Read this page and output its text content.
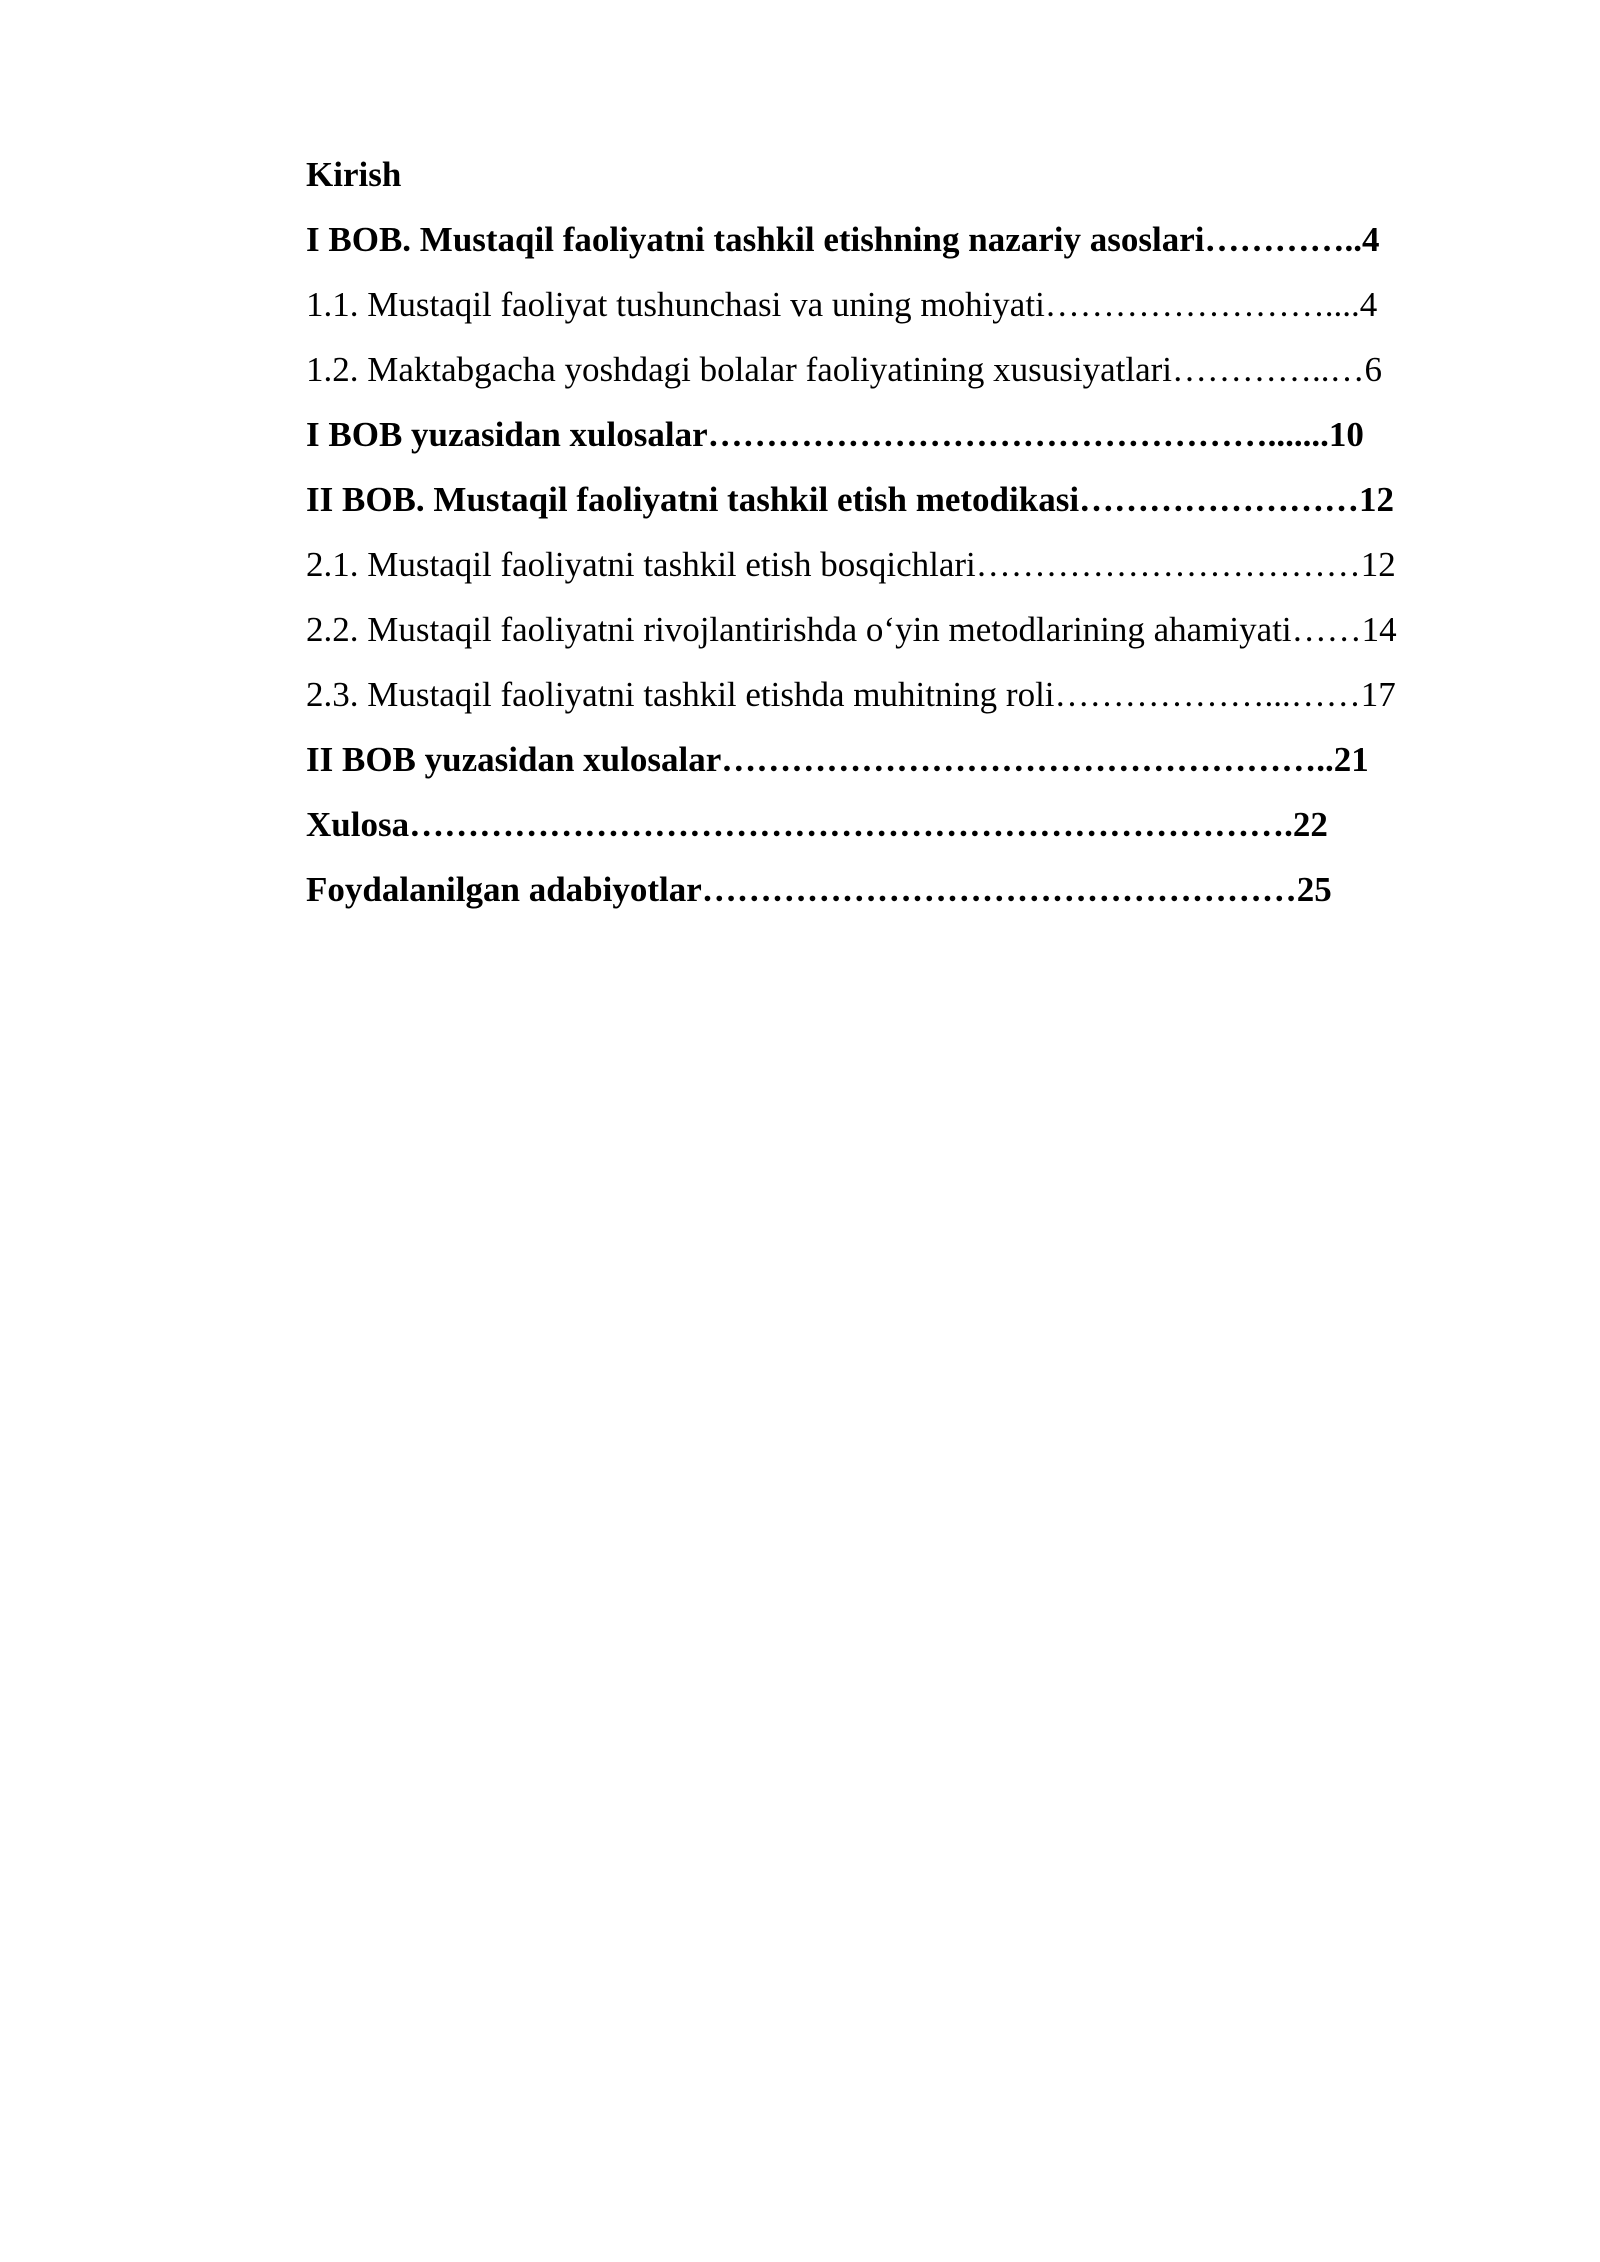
Kirish
I BOB. Mustaqil faoliyatni tashkil etishning nazariy asoslari…………..4
1.1. Mustaqil faoliyat tushunchasi va uning mohiyati……………………....4
1.2. Maktabgacha yoshdagi bolalar faoliyatining xususiyatlari…………..…6
I BOB yuzasidan xulosalar………………………………………….......10
II BOB. Mustaqil faoliyatni tashkil etish metodikasi……………………12
2.1. Mustaqil faoliyatni tashkil etish bosqichlari……………………………12
2.2. Mustaqil faoliyatni rivojlantirishda o‘yin metodlarining ahamiyati……14
2.3. Mustaqil faoliyatni tashkil etishda muhitning roli………………...……17
II BOB yuzasidan xulosalar……………………………………………..21
Xulosa………………………………………………………………….22
Foydalanilgan adabiyotlar……………………………………………25
